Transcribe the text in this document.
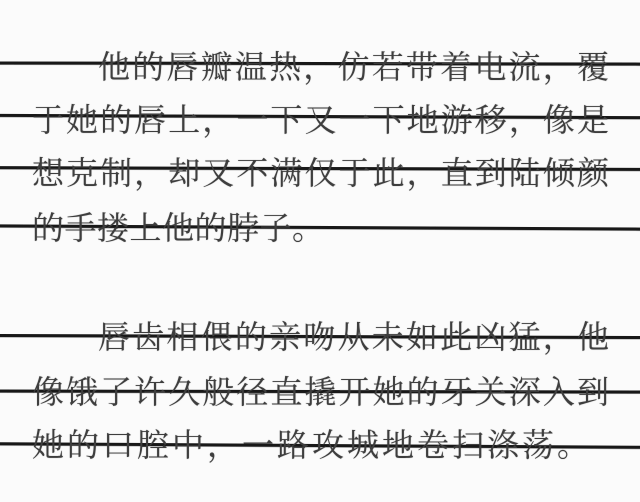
他的唇瓣温热，仿若带着电流，覆
于她的唇上，一下又一下地游移，像是
想克制，却又不满仅于此，直到陆倾颜
的手搂上他的脖子。
唇齿相偎的亲吻从未如此凶猛，他
像饿了许久般径直撬开她的牙关深入到
她的口腔中，一路攻城地卷扫涤荡。
